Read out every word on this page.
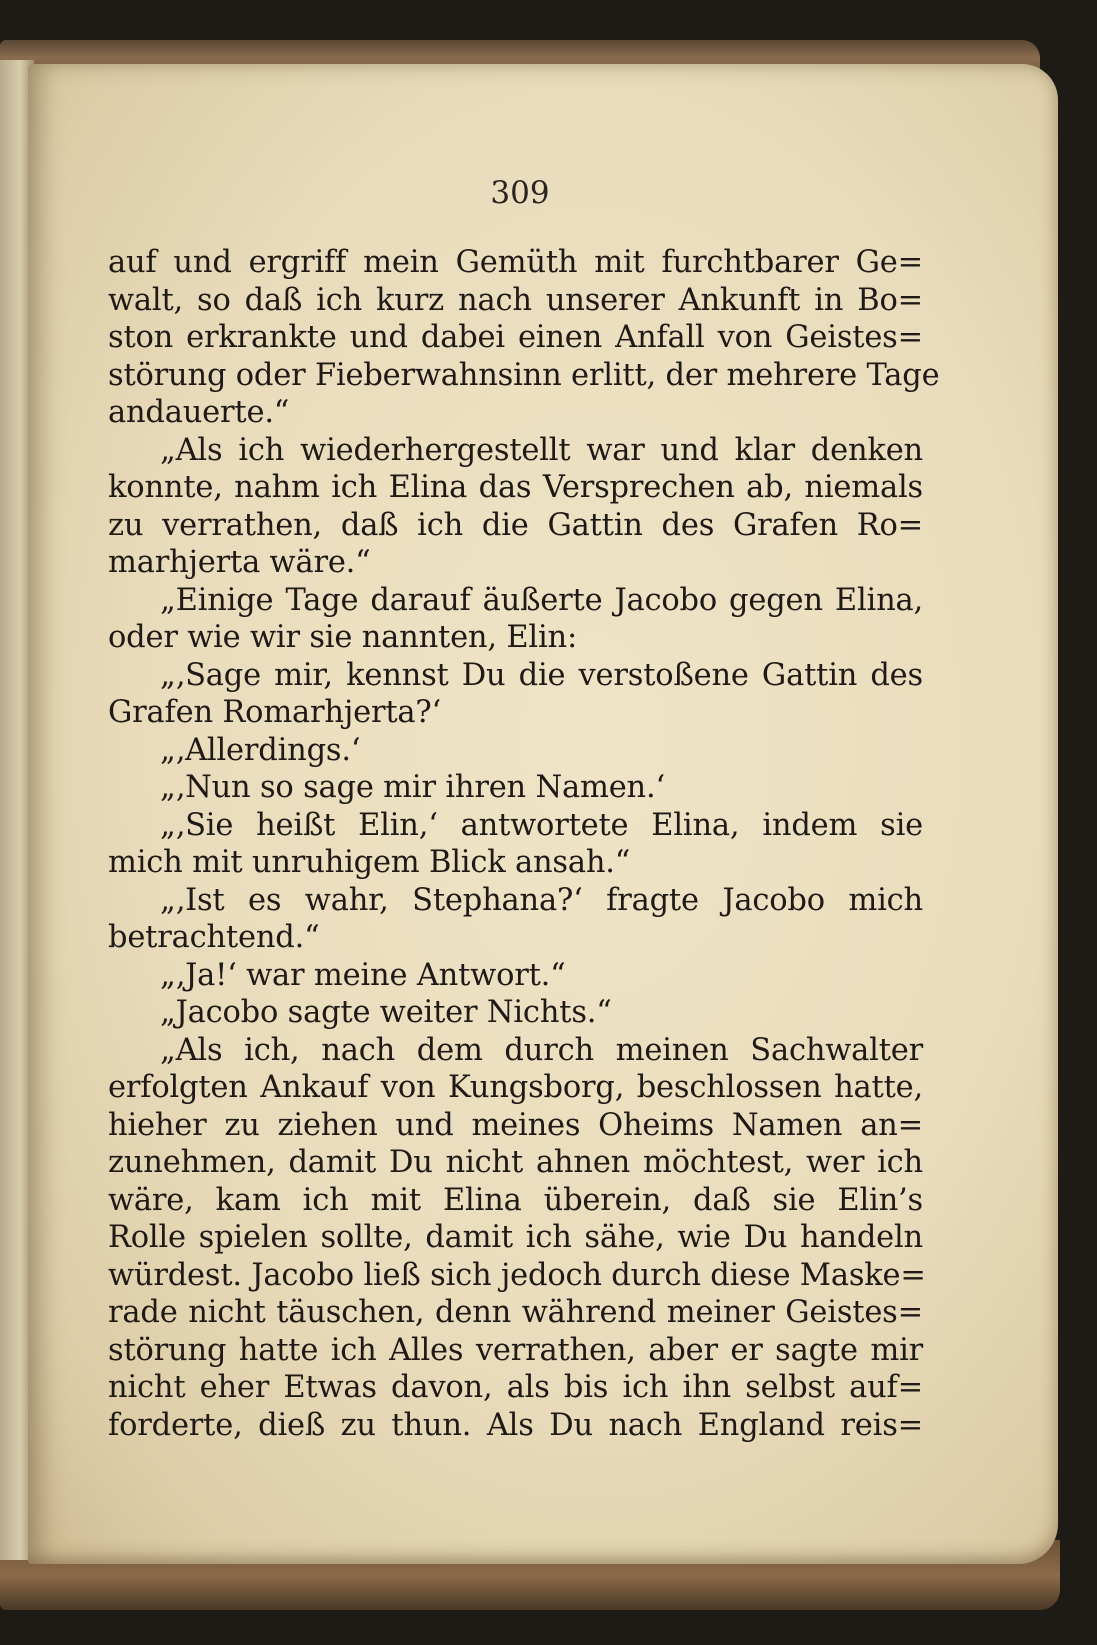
309
auf und ergriff mein Gemüth mit furchtbarer Ge=
walt, so daß ich kurz nach unserer Ankunft in Bo=
ston erkrankte und dabei einen Anfall von Geistes=
störung oder Fieberwahnsinn erlitt, der mehrere Tage
andauerte.“
„Als ich wiederhergestellt war und klar denken
konnte, nahm ich Elina das Versprechen ab, niemals
zu verrathen, daß ich die Gattin des Grafen Ro=
marhjerta wäre.“
„Einige Tage darauf äußerte Jacobo gegen Elina,
oder wie wir sie nannten, Elin:
„‚Sage mir, kennst Du die verstoßene Gattin des
Grafen Romarhjerta?‘
„‚Allerdings.‘
„‚Nun so sage mir ihren Namen.‘
„‚Sie heißt Elin,‘ antwortete Elina, indem sie
mich mit unruhigem Blick ansah.“
„‚Ist es wahr, Stephana?‘ fragte Jacobo mich
betrachtend.“
„‚Ja!‘ war meine Antwort.“
„Jacobo sagte weiter Nichts.“
„Als ich, nach dem durch meinen Sachwalter
erfolgten Ankauf von Kungsborg, beschlossen hatte,
hieher zu ziehen und meines Oheims Namen an=
zunehmen, damit Du nicht ahnen möchtest, wer ich
wäre, kam ich mit Elina überein, daß sie Elin’s
Rolle spielen sollte, damit ich sähe, wie Du handeln
würdest. Jacobo ließ sich jedoch durch diese Maske=
rade nicht täuschen, denn während meiner Geistes=
störung hatte ich Alles verrathen, aber er sagte mir
nicht eher Etwas davon, als bis ich ihn selbst auf=
forderte, dieß zu thun. Als Du nach England reis=
